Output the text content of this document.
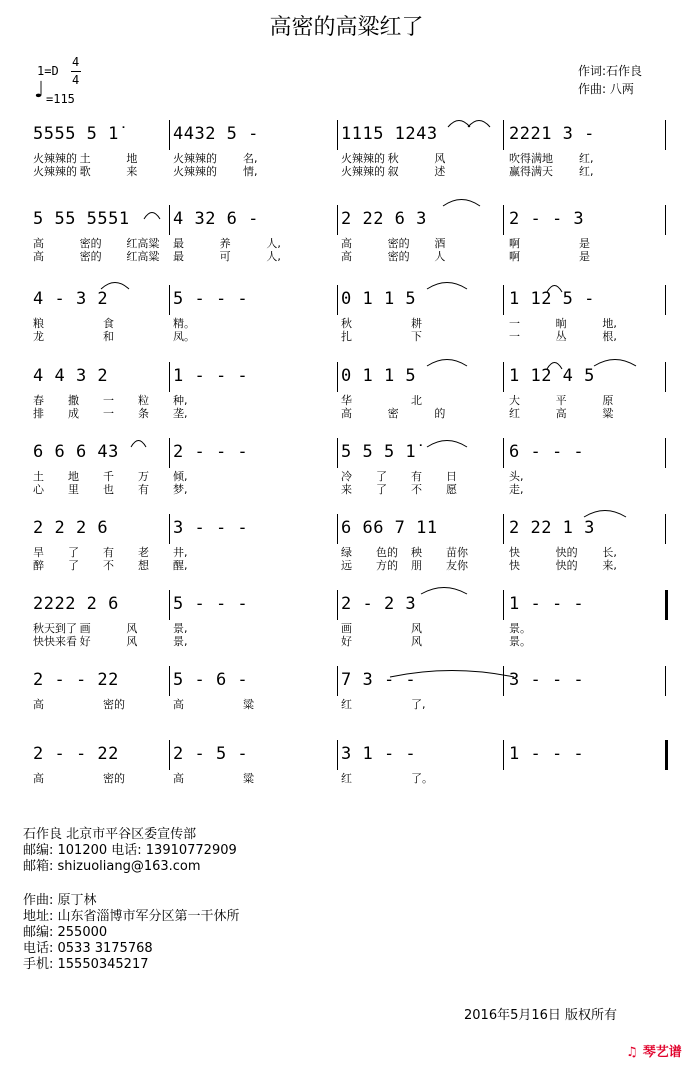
高密的高粱红了
1=D
4
4
♩ =115
作词:石作良
作曲: 八两
5555 5 1̇
火辣辣的 土	地
火辣辣的 歌	来
4432 5 -
火辣辣的 名,
火辣辣的 情,
1115 1243
火辣辣的 秋	风
火辣辣的 叙	述
2221 3 -
吹得满地 红,
赢得满天 红,
5 55 5551
高	密的 红高粱
高	密的 红高粱
4 32 6 -
最	养	人,
最	可	人,
2 22 6 3
高	密的 酒
高	密的 人
2 - - 3
啊	是
啊	是
4 - 3 2
粮	食
龙	和
5 - - -
精。
凤。
0 1 1 5
秋	耕
扎	下
1 12 5 -
一	晌	地,
一	丛	根,
4 4 3 2
春 撒 一 粒
排 成 一 条
1 - - -
种,
垄,
0 1 1 5
华	北
高	密	的
1 12 4 5
大	平	原
红	高	粱
6 6 6 43
土 地 千 万
心 里 也 有
2 - - -
倾,
梦,
5 5 5 1̇
冷 了 有 日
来 了 不 愿
6 - - -
头,
走,
2 2 2 6
旱 了 有 老
醉 了 不 想
3 - - -
井,
醒,
6 66 7 11
绿 色的 秧 苗你
远 方的 朋 友你
2 22 1 3
快	快的 长,
快	快的 来,
2222 2 6
秋天到了 画	风
快快来看 好	风
5 - - -
景,
景,
2 - 2 3
画	风
好	风
1 - - -
景。
景。
2 - - 22
高	密的
5 - 6 -
高	粱
7 3 - -
红	了,
3 - - -
2 - - 22
高	密的
2 - 5 -
高	粱
3 1 - -
红	了。
1 - - -
石作良 北京市平谷区委宣传部
邮编: 101200 电话: 13910772909
邮箱: shizuoliang@163.com
作曲: 原丁林
地址: 山东省淄博市军分区第一干休所
邮编: 255000
电话: 0533 3175768
手机: 15550345217
2016年5月16日 版权所有
♫ 琴艺谱
